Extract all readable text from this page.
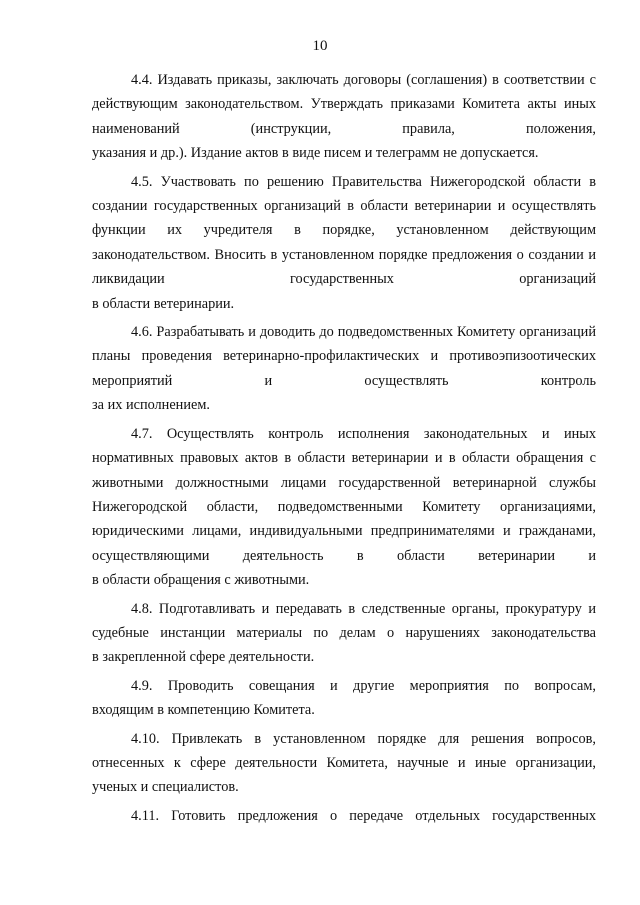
10

4.4. Издавать приказы, заключать договоры (соглашения) в соответствии с действующим законодательством. Утверждать приказами Комитета акты иных наименований (инструкции, правила, положения,
указания и др.). Издание актов в виде писем и телеграмм не допускается.

4.5. Участвовать по решению Правительства Нижегородской области в создании государственных организаций в области ветеринарии и осуществлять функции их учредителя в порядке, установленном действующим законодательством. Вносить в установленном порядке предложения о создании и ликвидации государственных организаций
в области ветеринарии.

4.6. Разрабатывать и доводить до подведомственных Комитету организаций планы проведения ветеринарно-профилактических и противоэпизоотических мероприятий и осуществлять контроль
за их исполнением.

4.7. Осуществлять контроль исполнения законодательных и иных нормативных правовых актов в области ветеринарии и в области обращения с животными должностными лицами государственной ветеринарной службы Нижегородской области, подведомственными Комитету организациями, юридическими лицами, индивидуальными предпринимателями и гражданами, осуществляющими деятельность в области ветеринарии и
в области обращения с животными.

4.8. Подготавливать и передавать в следственные органы, прокуратуру и судебные инстанции материалы по делам о нарушениях законодательства
в закрепленной сфере деятельности.

4.9. Проводить совещания и другие мероприятия по вопросам,
входящим в компетенцию Комитета.

4.10. Привлекать в установленном порядке для решения вопросов, отнесенных к сфере деятельности Комитета, научные и иные организации,
ученых и специалистов.

4.11. Готовить предложения о передаче отдельных государственных
